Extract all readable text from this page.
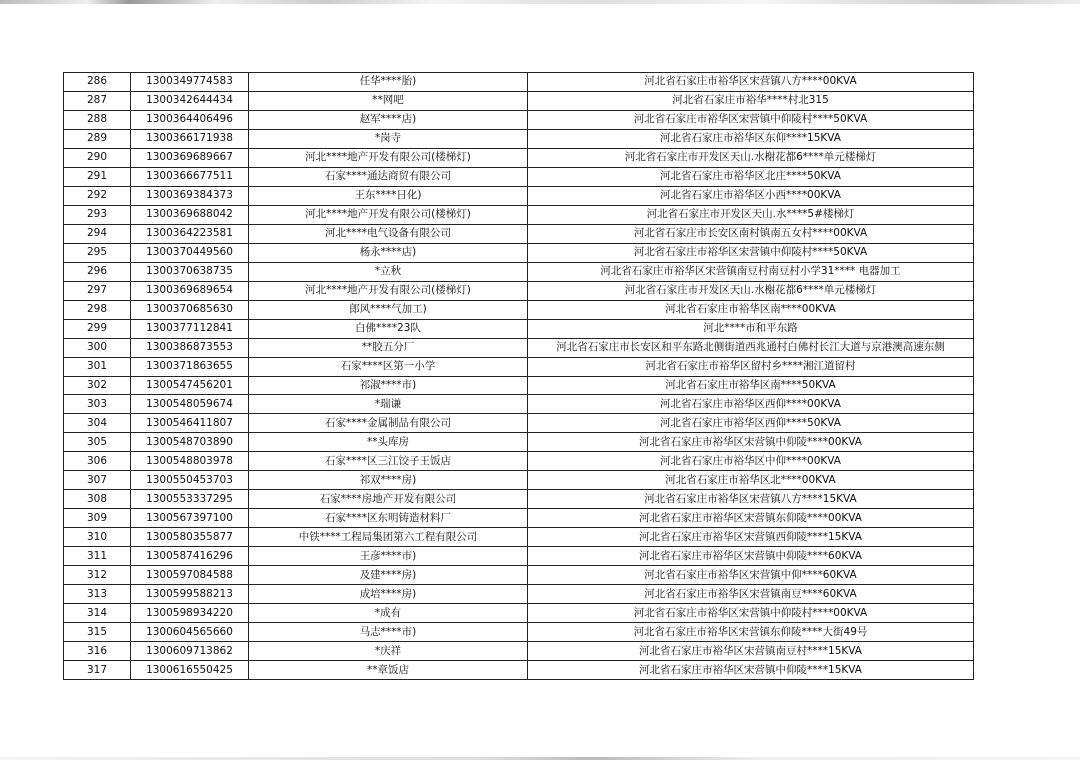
286	1300349774583	任华****胎)	河北省石家庄市裕华区宋营镇八方****00KVA
287	1300342644434	**网吧	河北省石家庄市裕华****村北315
288	1300364406496	赵军****店)	河北省石家庄市裕华区宋营镇中仰陵村****50KVA
289	1300366171938	*岗寺	河北省石家庄市裕华区东仰****15KVA
290	1300369689667	河北****地产开发有限公司(楼梯灯)	河北省石家庄市开发区天山.水榭花都6****单元楼梯灯
291	1300366677511	石家****通达商贸有限公司	河北省石家庄市裕华区北庄****50KVA
292	1300369384373	王东****日化)	河北省石家庄市裕华区小西****00KVA
293	1300369688042	河北****地产开发有限公司(楼梯灯)	河北省石家庄市开发区天山.水****5#楼梯灯
294	1300364223581	河北****电气设备有限公司	河北省石家庄市长安区南村镇南五女村****00KVA
295	1300370449560	杨永****店)	河北省石家庄市裕华区宋营镇中仰陵村****50KVA
296	1300370638735	*立秋	河北省石家庄市裕华区宋营镇南豆村南豆村小学31**** 电器加工
297	1300369689654	河北****地产开发有限公司(楼梯灯)	河北省石家庄市开发区天山.水榭花都6****单元楼梯灯
298	1300370685630	郎风****气加工)	河北省石家庄市裕华区南****00KVA
299	1300377112841	白佛****23队	河北****市和平东路
300	1300386873553	**胶五分厂	河北省石家庄市长安区和平东路北侧街道西兆通村白佛村长江大道与京港澳高速东侧
301	1300371863655	石家****区第一小学	河北省石家庄市裕华区留村乡****湘江道留村
302	1300547456201	祁淑****市)	河北省石家庄市裕华区南****50KVA
303	1300548059674	*瑞谦	河北省石家庄市裕华区西仰****00KVA
304	1300546411807	石家****金属制品有限公司	河北省石家庄市裕华区西仰****50KVA
305	1300548703890	**头库房	河北省石家庄市裕华区宋营镇中仰陵****00KVA
306	1300548803978	石家****区三江饺子王饭店	河北省石家庄市裕华区中仰****00KVA
307	1300550453703	祁双****房)	河北省石家庄市裕华区北****00KVA
308	1300553337295	石家****房地产开发有限公司	河北省石家庄市裕华区宋营镇八方****15KVA
309	1300567397100	石家****区东明铸造材料厂	河北省石家庄市裕华区宋营镇东仰陵****00KVA
310	1300580355877	中铁****工程局集团第六工程有限公司	河北省石家庄市裕华区宋营镇西仰陵****15KVA
311	1300587416296	王彦****市)	河北省石家庄市裕华区宋营镇中仰陵****60KVA
312	1300597084588	及建****房)	河北省石家庄市裕华区宋营镇中仰****60KVA
313	1300599588213	成培****房)	河北省石家庄市裕华区宋营镇南豆****60KVA
314	1300598934220	*成有	河北省石家庄市裕华区宋营镇中仰陵村****00KVA
315	1300604565660	马志****市)	河北省石家庄市裕华区宋营镇东仰陵****大街49号
316	1300609713862	*庆祥	河北省石家庄市裕华区宋营镇南豆村****15KVA
317	1300616550425	**章饭店	河北省石家庄市裕华区宋营镇中仰陵****15KVA
